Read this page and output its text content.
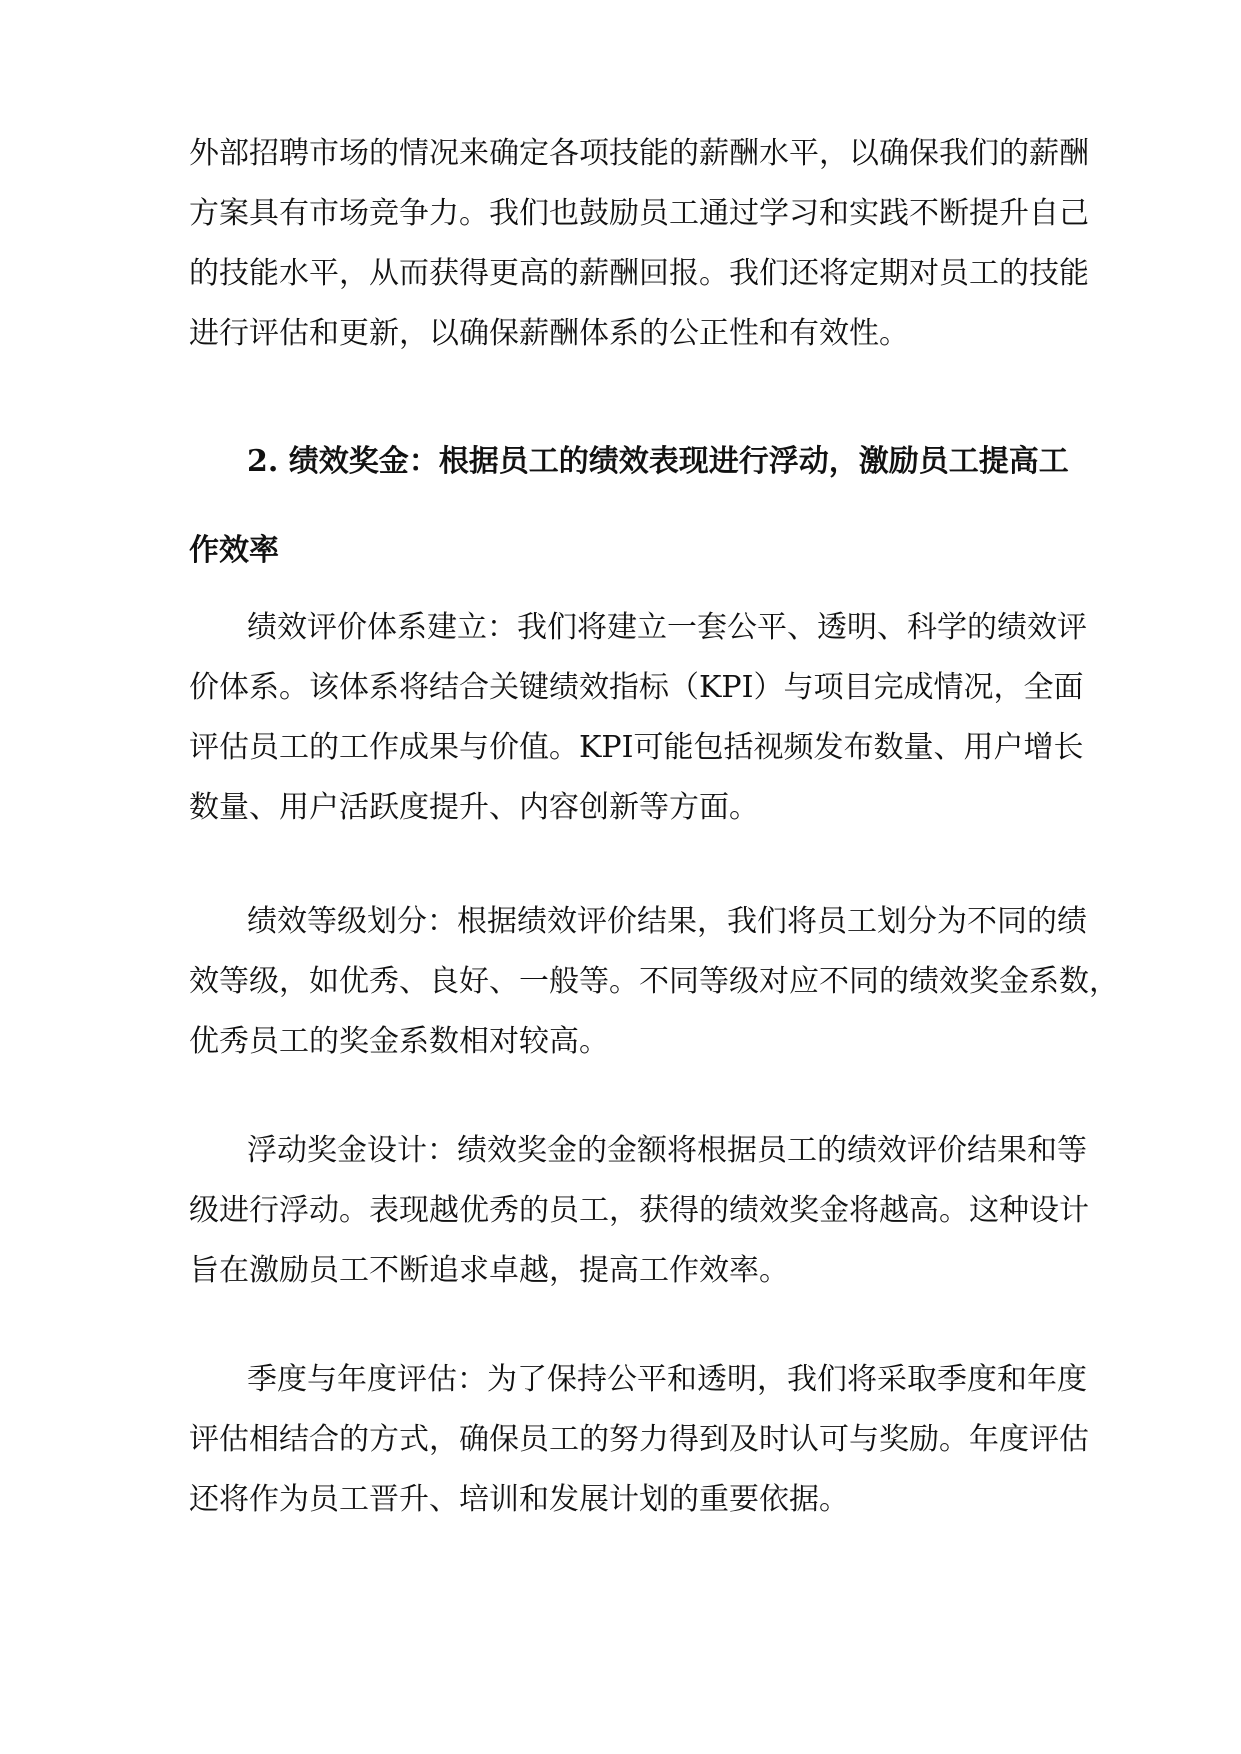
外部招聘市场的情况来确定各项技能的薪酬水平，以确保我们的薪酬
方案具有市场竞争力。我们也鼓励员工通过学习和实践不断提升自己
的技能水平，从而获得更高的薪酬回报。我们还将定期对员工的技能
进行评估和更新，以确保薪酬体系的公正性和有效性。

2. 绩效奖金：根据员工的绩效表现进行浮动，激励员工提高工
作效率

绩效评价体系建立：我们将建立一套公平、透明、科学的绩效评
价体系。该体系将结合关键绩效指标（KPI）与项目完成情况，全面
评估员工的工作成果与价值。KPI可能包括视频发布数量、用户增长
数量、用户活跃度提升、内容创新等方面。

绩效等级划分：根据绩效评价结果，我们将员工划分为不同的绩
效等级，如优秀、良好、一般等。不同等级对应不同的绩效奖金系数，
优秀员工的奖金系数相对较高。

浮动奖金设计：绩效奖金的金额将根据员工的绩效评价结果和等
级进行浮动。表现越优秀的员工，获得的绩效奖金将越高。这种设计
旨在激励员工不断追求卓越，提高工作效率。

季度与年度评估：为了保持公平和透明，我们将采取季度和年度
评估相结合的方式，确保员工的努力得到及时认可与奖励。年度评估
还将作为员工晋升、培训和发展计划的重要依据。
